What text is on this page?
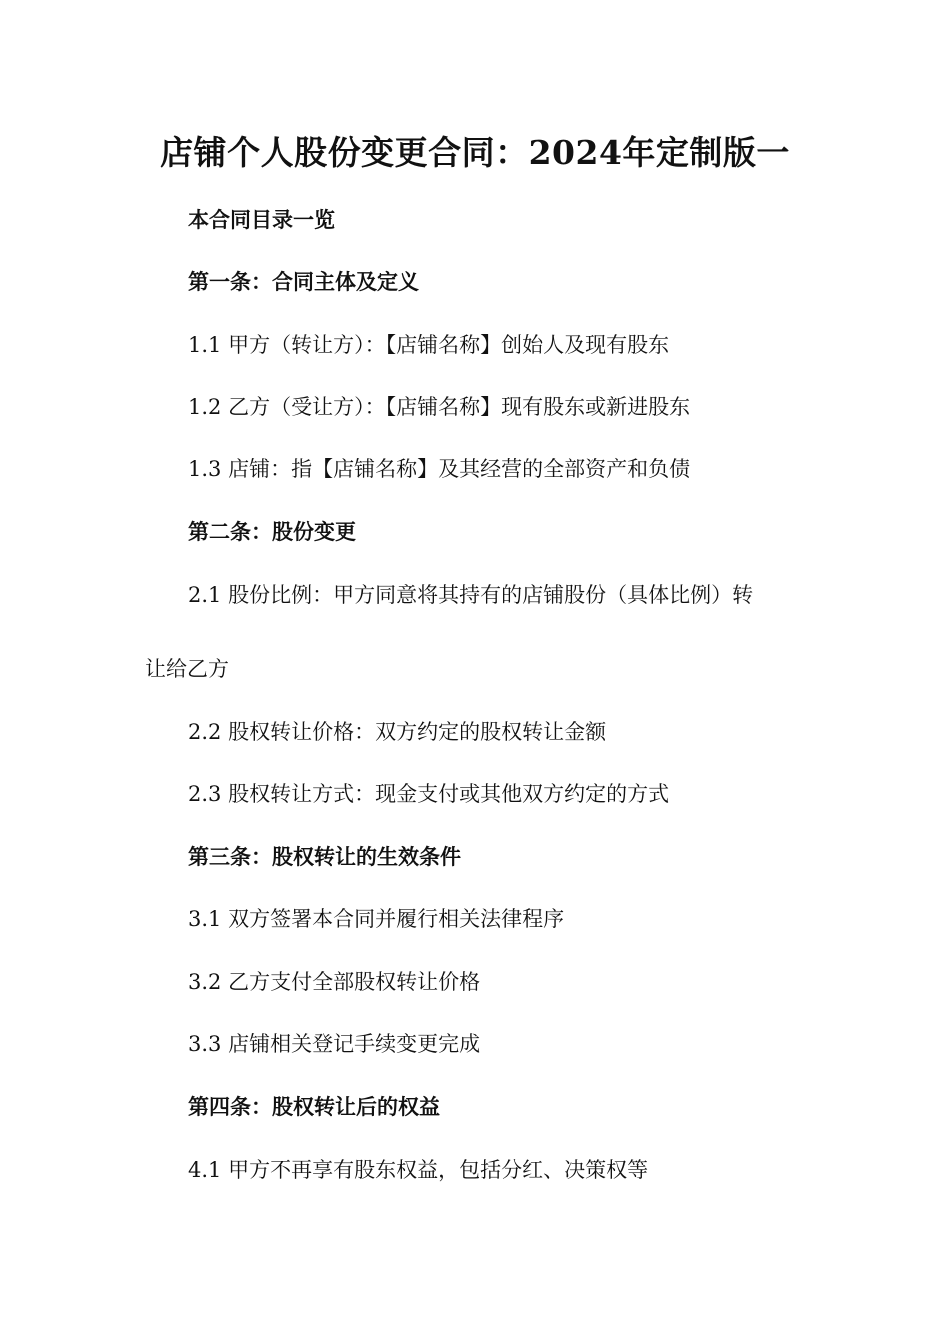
店铺个人股份变更合同：2024年定制版一
本合同目录一览
第一条：合同主体及定义
1.1 甲方（转让方）：【店铺名称】创始人及现有股东
1.2 乙方（受让方）：【店铺名称】现有股东或新进股东
1.3 店铺：指【店铺名称】及其经营的全部资产和负债
第二条：股份变更
2.1 股份比例：甲方同意将其持有的店铺股份（具体比例）转
让给乙方
2.2 股权转让价格：双方约定的股权转让金额
2.3 股权转让方式：现金支付或其他双方约定的方式
第三条：股权转让的生效条件
3.1 双方签署本合同并履行相关法律程序
3.2 乙方支付全部股权转让价格
3.3 店铺相关登记手续变更完成
第四条：股权转让后的权益
4.1 甲方不再享有股东权益，包括分红、决策权等
